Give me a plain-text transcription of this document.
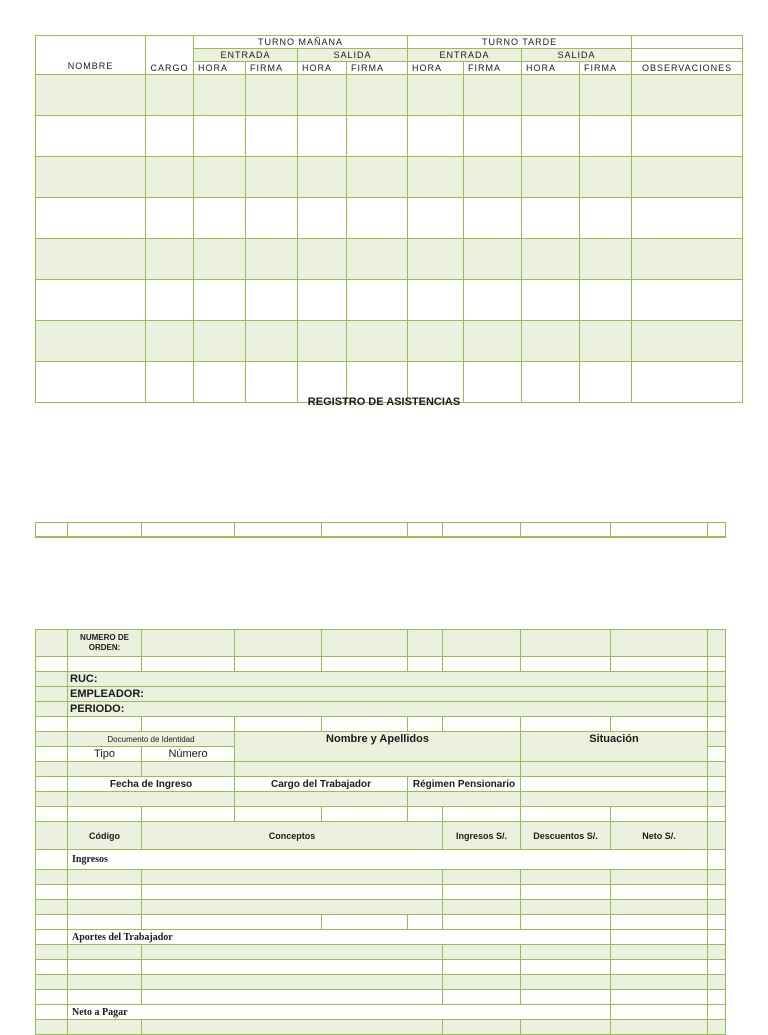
NOMBRE	CARGO	TURNO MAÑANA				TURNO TARDE				
		ENTRADA		SALIDA		ENTRADA		SALIDA		
		HORA	FIRMA	HORA	FIRMA	HORA	FIRMA	HORA	FIRMA	OBSERVACIONES

REGISTRO DE ASISTENCIAS

	NUMERO DE ORDEN:								

	RUC:								
	EMPLEADOR:								
	PERIODO:								

	Documento de Identidad		Nombre y Apellidos				Situación		
	Tipo	Número							

	Fecha de Ingreso		Cargo del Trabajador		Régimen Pensionario				

	Código	Conceptos				Ingresos S/.	Descuentos S/.	Neto S/.	
	Ingresos								

	Aportes del Trabajador								

	Neto a Pagar								
